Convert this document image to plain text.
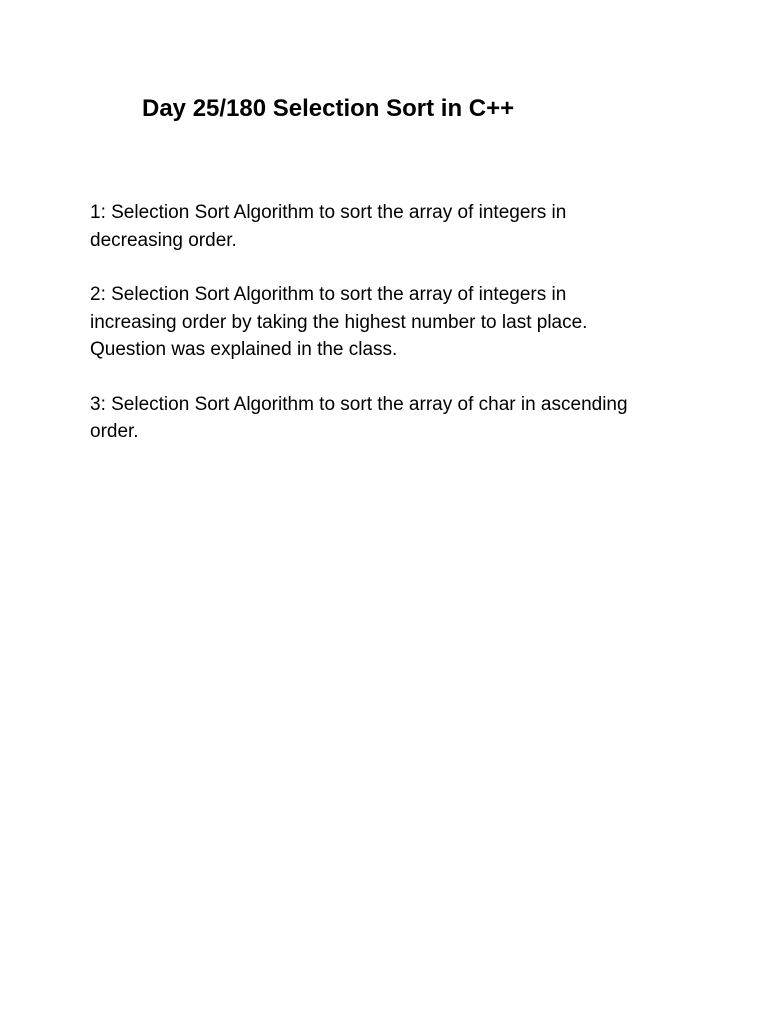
Day 25/180 Selection Sort in C++
1: Selection Sort Algorithm to sort the array of integers in
decreasing order.
2: Selection Sort Algorithm to sort the array of integers in
increasing order by taking the highest number to last place.
Question was explained in the class.
3: Selection Sort Algorithm to sort the array of char in ascending
order.
